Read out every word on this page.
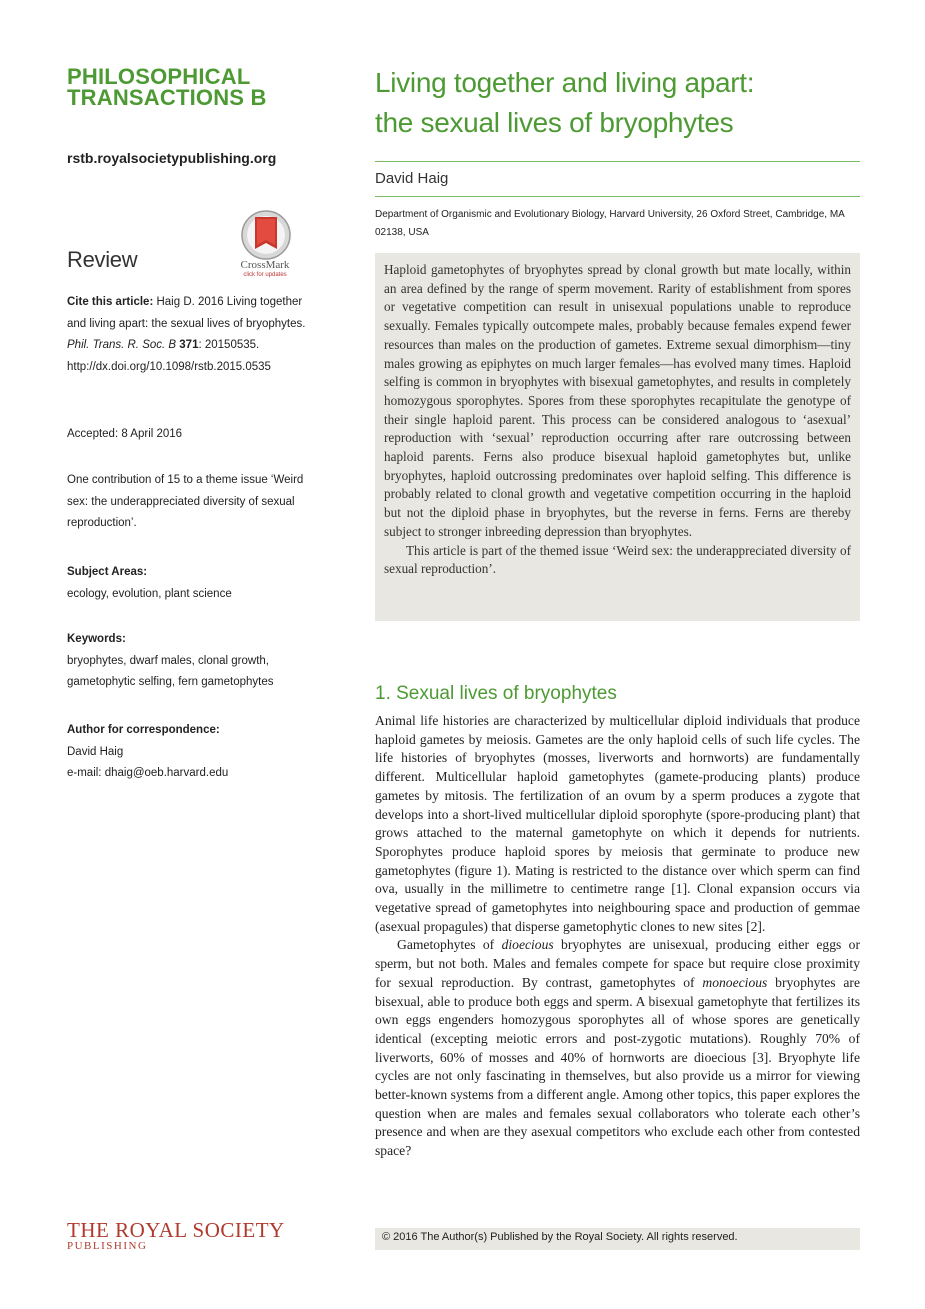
PHILOSOPHICAL
TRANSACTIONS B
rstb.royalsocietypublishing.org
Review	CrossMark
click for updates
Cite this article: Haig D. 2016 Living together and living apart: the sexual lives of bryophytes. Phil. Trans. R. Soc. B 371: 20150535.
http://dx.doi.org/10.1098/rstb.2015.0535
Accepted: 8 April 2016
One contribution of 15 to a theme issue ‘Weird sex: the underappreciated diversity of sexual reproduction’.
Subject Areas:
ecology, evolution, plant science
Keywords:
bryophytes, dwarf males, clonal growth, gametophytic selfing, fern gametophytes
Author for correspondence:
David Haig
e-mail: dhaig@oeb.harvard.edu
THE ROYAL SOCIETY
PUBLISHING
Living together and living apart:
the sexual lives of bryophytes
David Haig
Department of Organismic and Evolutionary Biology, Harvard University, 26 Oxford Street, Cambridge, MA 02138, USA

Haploid gametophytes of bryophytes spread by clonal growth but mate locally, within an area defined by the range of sperm movement. Rarity of establishment from spores or vegetative competition can result in unisexual populations unable to reproduce sexually. Females typically outcompete males, probably because females expend fewer resources than males on the production of gametes. Extreme sexual dimorphism—tiny males growing as epiphytes on much larger females—has evolved many times. Haploid selfing is common in bryophytes with bisexual gametophytes, and results in completely homozygous sporophytes. Spores from these sporophytes recapitulate the genotype of their single haploid parent. This process can be considered analogous to ‘asexual’ reproduction with ‘sexual’ reproduction occurring after rare outcrossing between haploid parents. Ferns also produce bisexual haploid gametophytes but, unlike bryophytes, haploid outcrossing predominates over haploid selfing. This difference is probably related to clonal growth and vegetative competition occurring in the haploid but not the diploid phase in bryophytes, but the reverse in ferns. Ferns are thereby subject to stronger inbreeding depression than bryophytes.

This article is part of the themed issue ‘Weird sex: the underappreciated diversity of sexual reproduction’.

1. Sexual lives of bryophytes

Animal life histories are characterized by multicellular diploid individuals that produce haploid gametes by meiosis. Gametes are the only haploid cells of such life cycles. The life histories of bryophytes (mosses, liverworts and hornworts) are fundamentally different. Multicellular haploid gametophytes (gamete-producing plants) produce gametes by mitosis. The fertilization of an ovum by a sperm produces a zygote that develops into a short-lived multicellular diploid sporophyte (spore-producing plant) that grows attached to the maternal gametophyte on which it depends for nutrients. Sporophytes produce haploid spores by meiosis that germinate to produce new gametophytes (figure 1). Mating is restricted to the distance over which sperm can find ova, usually in the millimetre to centimetre range [1]. Clonal expansion occurs via vegetative spread of gametophytes into neighbouring space and production of gemmae (asexual propagules) that disperse gametophytic clones to new sites [2].

Gametophytes of dioecious bryophytes are unisexual, producing either eggs or sperm, but not both. Males and females compete for space but require close proximity for sexual reproduction. By contrast, gametophytes of monoecious bryophytes are bisexual, able to produce both eggs and sperm. A bisexual gametophyte that fertilizes its own eggs engenders homozygous sporophytes all of whose spores are genetically identical (excepting meiotic errors and post-zygotic mutations). Roughly 70% of liverworts, 60% of mosses and 40% of hornworts are dioecious [3]. Bryophyte life cycles are not only fascinating in themselves, but also provide us a mirror for viewing better-known systems from a different angle. Among other topics, this paper explores the question when are males and females sexual collaborators who tolerate each other’s presence and when are they asexual competitors who exclude each other from contested space?

© 2016 The Author(s) Published by the Royal Society. All rights reserved.
